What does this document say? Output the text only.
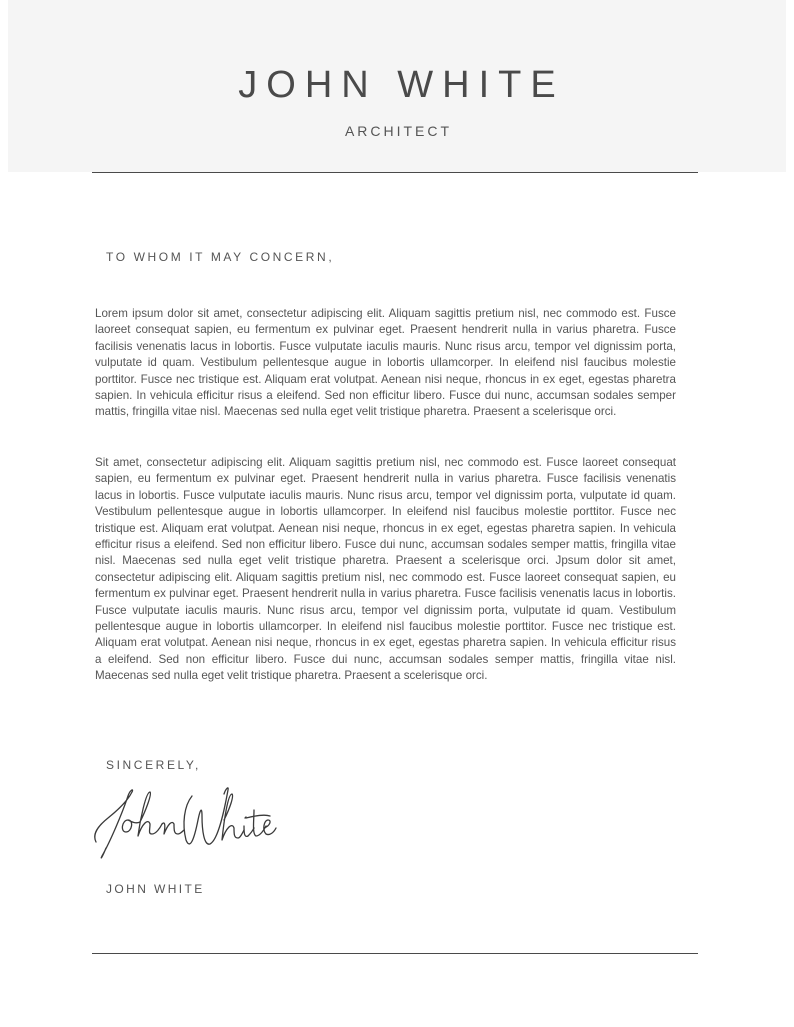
JOHN WHITE
ARCHITECT
TO WHOM IT MAY CONCERN,

Lorem ipsum dolor sit amet, consectetur adipiscing elit. Aliquam sagittis pretium nisl, nec commodo est. Fusce laoreet consequat sapien, eu fermentum ex pulvinar eget. Praesent hendrerit nulla in varius pharetra. Fusce facilisis venenatis lacus in lobortis. Fusce vulputate iaculis mauris. Nunc risus arcu, tempor vel dignissim porta, vulputate id quam. Vestibulum pellentesque augue in lobortis ullamcorper. In eleifend nisl faucibus molestie porttitor. Fusce nec tristique est. Aliquam erat volutpat. Aenean nisi neque, rhoncus in ex eget, egestas pharetra sapien. In vehicula efficitur risus a eleifend. Sed non efficitur libero. Fusce dui nunc, accumsan sodales semper mattis, fringilla vitae nisl. Maecenas sed nulla eget velit tristique pharetra. Praesent a scelerisque orci.

Sit amet, consectetur adipiscing elit. Aliquam sagittis pretium nisl, nec commodo est. Fusce laoreet consequat sapien, eu fermentum ex pulvinar eget. Praesent hendrerit nulla in varius pharetra. Fusce facilisis venenatis lacus in lobortis. Fusce vulputate iaculis mauris. Nunc risus arcu, tempor vel dignissim porta, vulputate id quam. Vestibulum pellentesque augue in lobortis ullamcorper. In eleifend nisl faucibus molestie porttitor. Fusce nec tristique est. Aliquam erat volutpat. Aenean nisi neque, rhoncus in ex eget, egestas pharetra sapien. In vehicula efficitur risus a eleifend. Sed non efficitur libero. Fusce dui nunc, accumsan sodales semper mattis, fringilla vitae nisl. Maecenas sed nulla eget velit tristique pharetra. Praesent a scelerisque orci. Jpsum dolor sit amet, consectetur adipiscing elit. Aliquam sagittis pretium nisl, nec commodo est. Fusce laoreet consequat sapien, eu fermentum ex pulvinar eget. Praesent hendrerit nulla in varius pharetra. Fusce facilisis venenatis lacus in lobortis. Fusce vulputate iaculis mauris. Nunc risus arcu, tempor vel dignissim porta, vulputate id quam. Vestibulum pellentesque augue in lobortis ullamcorper. In eleifend nisl faucibus molestie porttitor. Fusce nec tristique est. Aliquam erat volutpat. Aenean nisi neque, rhoncus in ex eget, egestas pharetra sapien. In vehicula efficitur risus a eleifend. Sed non efficitur libero. Fusce dui nunc, accumsan sodales semper mattis, fringilla vitae nisl. Maecenas sed nulla eget velit tristique pharetra. Praesent a scelerisque orci.

SINCERELY,
JOHN WHITE
